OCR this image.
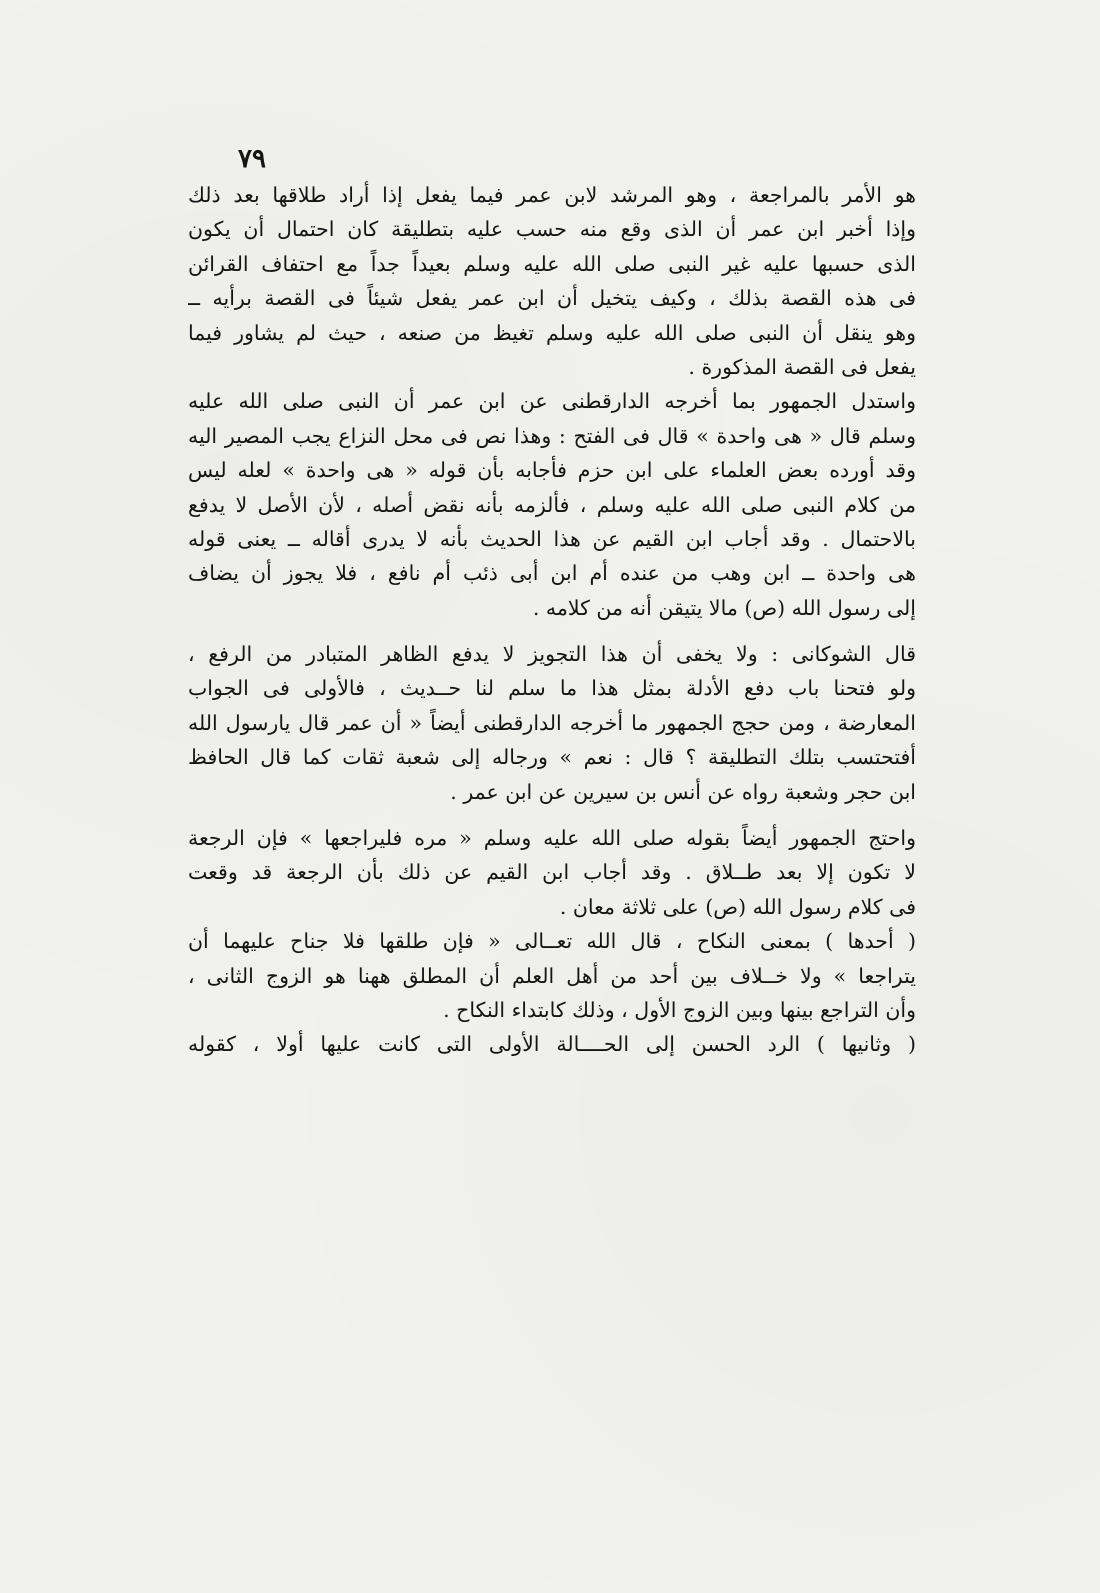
٧٩
هو الأمر بالمراجعة ، وهو المرشد لابن عمر فيما يفعل إذا أراد طلاقها بعد ذلك
وإذا أخبر ابن عمر أن الذى وقع منه حسب عليه بتطليقة كان احتمال أن يكون
الذى حسبها عليه غير النبى صلى الله عليه وسلم بعيداً جداً مع احتفاف القرائن
فى هذه القصة بذلك ، وكيف يتخيل أن ابن عمر يفعل شيئاً فى القصة برأيه ــ
وهو ينقل أن النبى صلى الله عليه وسلم تغيظ من صنعه ، حيث لم يشاور فيما
يفعل فى القصة المذكورة .
واستدل الجمهور بما أخرجه الدارقطنى عن ابن عمر أن النبى صلى الله عليه
وسلم قال « هى واحدة » قال فى الفتح : وهذا نص فى محل النزاع يجب المصير اليه
وقد أورده بعض العلماء على ابن حزم فأجابه بأن قوله « هى واحدة » لعله ليس
من كلام النبى صلى الله عليه وسلم ، فألزمه بأنه نقض أصله ، لأن الأصل لا يدفع
بالاحتمال . وقد أجاب ابن القيم عن هذا الحديث بأنه لا يدرى أقاله ــ يعنى قوله
هى واحدة ــ ابن وهب من عنده أم ابن أبى ذئب أم نافع ، فلا يجوز أن يضاف
إلى رسول الله (ص) مالا يتيقن أنه من كلامه .
قال الشوكانى : ولا يخفى أن هذا التجويز لا يدفع الظاهر المتبادر من الرفع ،
ولو فتحنا باب دفع الأدلة بمثل هذا ما سلم لنا حــديث ، فالأولى فى الجواب
المعارضة ، ومن حجج الجمهور ما أخرجه الدارقطنى أيضاً « أن عمر قال يارسول الله
أفتحتسب بتلك التطليقة ؟ قال : نعم » ورجاله إلى شعبة ثقات كما قال الحافظ
ابن حجر وشعبة رواه عن أنس بن سيرين عن ابن عمر .
واحتج الجمهور أيضاً بقوله صلى الله عليه وسلم « مره فليراجعها » فإن الرجعة
لا تكون إلا بعد طــلاق . وقد أجاب ابن القيم عن ذلك بأن الرجعة قد وقعت
فى كلام رسول الله (ص) على ثلاثة معان .
( أحدها ) بمعنى النكاح ، قال الله تعــالى « فإن طلقها فلا جناح عليهما أن
يتراجعا » ولا خــلاف بين أحد من أهل العلم أن المطلق ههنا هو الزوج الثانى ،
وأن التراجع بينها وبين الزوج الأول ، وذلك كابتداء النكاح .
( وثانيها ) الرد الحسن إلى الحــــالة الأولى التى كانت عليها أولا ، كقوله
